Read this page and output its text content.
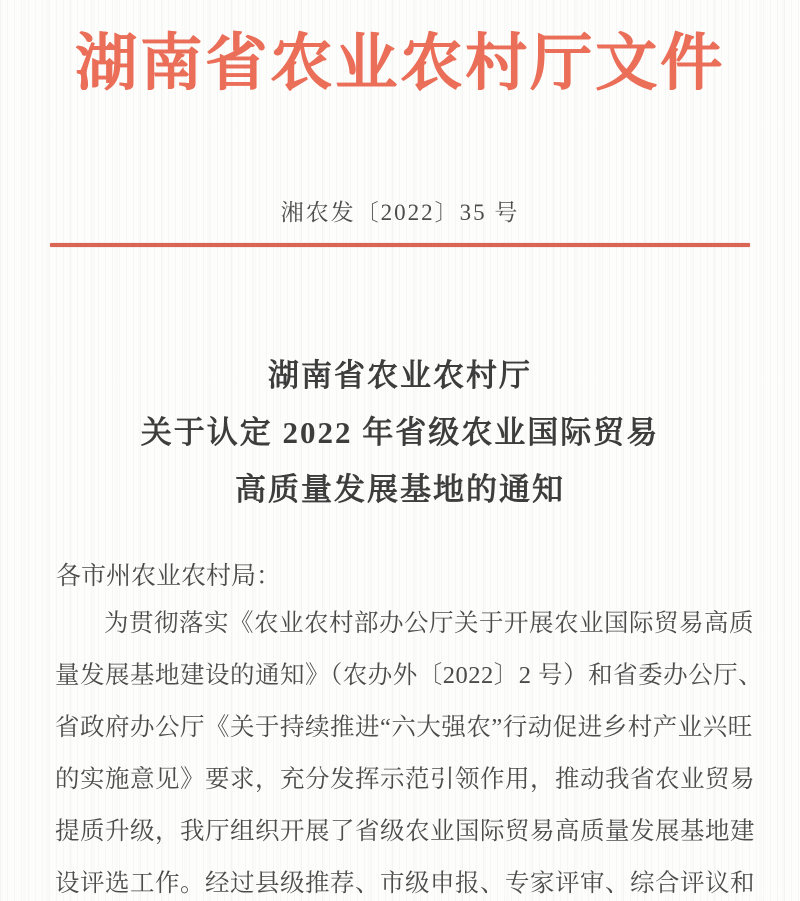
湖南省农业农村厅文件
湘农发〔2022〕35 号
湖南省农业农村厅
关于认定 2022 年省级农业国际贸易
高质量发展基地的通知
各市州农业农村局：
为贯彻落实《农业农村部办公厅关于开展农业国际贸易高质
量发展基地建设的通知》（农办外〔2022〕2 号）和省委办公厅、
省政府办公厅《关于持续推进“六大强农”行动促进乡村产业兴旺
的实施意见》要求，充分发挥示范引领作用，推动我省农业贸易
提质升级，我厅组织开展了省级农业国际贸易高质量发展基地建
设评选工作。经过县级推荐、市级申报、专家评审、综合评议和
